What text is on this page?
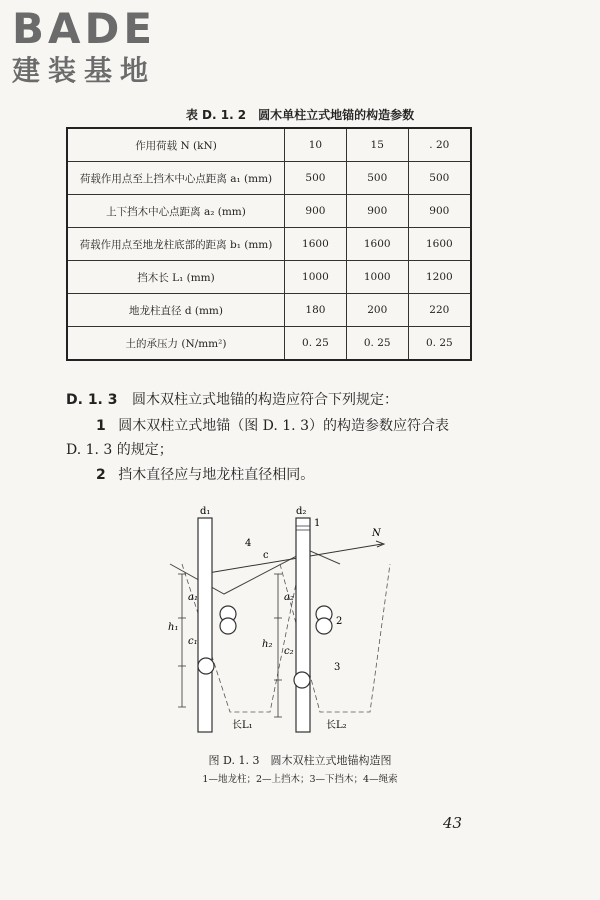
BADE
建装基地
表 D. 1. 2　圆木单柱立式地锚的构造参数
作用荷载 N (kN)	10	15	. 20
荷载作用点至上挡木中心点距离 a₁ (mm)	500	500	500
上下挡木中心点距离 a₂ (mm)	900	900	900
荷载作用点至地龙柱底部的距离 b₁ (mm)	1600	1600	1600
挡木长 L₁ (mm)	1000	1000	1200
地龙柱直径 d (mm)	180	200	220
土的承压力 (N/mm²)	0. 25	0. 25	0. 25
D. 1. 3 圆木双柱立式地锚的构造应符合下列规定：
1 圆木双柱立式地锚（图 D. 1. 3）的构造参数应符合表
D. 1. 3 的规定；
2 挡木直径应与地龙柱直径相同。
d₁	d₂
1
4
c
N
2
3
a₁
c₁
h₁
a₂
c₂
h₂
长L₁	长L₂
图 D. 1. 3　圆木双柱立式地锚构造图
1—地龙柱；2—上挡木；3—下挡木；4—绳索
43
